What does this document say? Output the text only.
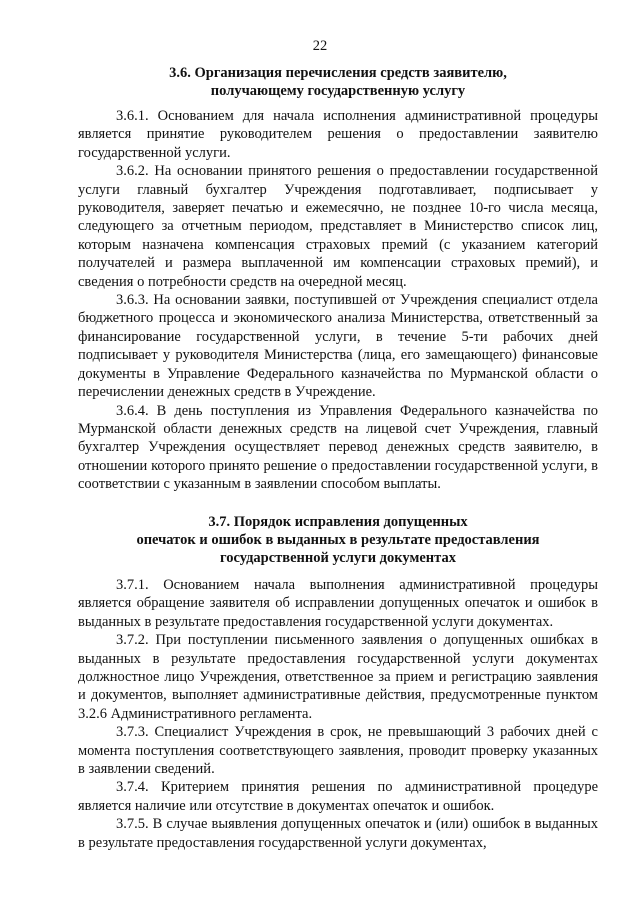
22
3.6. Организация перечисления средств заявителю,
получающему государственную услугу

3.6.1. Основанием для начала исполнения административной процедуры является принятие руководителем решения о предоставлении заявителю государственной услуги.

3.6.2. На основании принятого решения о предоставлении государственной услуги главный бухгалтер Учреждения подготавливает, подписывает у руководителя, заверяет печатью и ежемесячно, не позднее 10-го числа месяца, следующего за отчетным периодом, представляет в Министерство список лиц, которым назначена компенсация страховых премий (с указанием категорий получателей и размера выплаченной им компенсации страховых премий), и сведения о потребности средств на очередной месяц.

3.6.3. На основании заявки, поступившей от Учреждения специалист отдела бюджетного процесса и экономического анализа Министерства, ответственный за финансирование государственной услуги, в течение 5-ти рабочих дней подписывает у руководителя Министерства (лица, его замещающего) финансовые документы в Управление Федерального казначейства по Мурманской области о перечислении денежных средств в Учреждение.

3.6.4. В день поступления из Управления Федерального казначейства по Мурманской области денежных средств на лицевой счет Учреждения, главный бухгалтер Учреждения осуществляет перевод денежных средств заявителю, в отношении которого принято решение о предоставлении государственной услуги, в соответствии с указанным в заявлении способом выплаты.

3.7. Порядок исправления допущенных
опечаток и ошибок в выданных в результате предоставления
государственной услуги документах

3.7.1. Основанием начала выполнения административной процедуры является обращение заявителя об исправлении допущенных опечаток и ошибок в выданных в результате предоставления государственной услуги документах.

3.7.2. При поступлении письменного заявления о допущенных ошибках в выданных в результате предоставления государственной услуги документах должностное лицо Учреждения, ответственное за прием и регистрацию заявления и документов, выполняет административные действия, предусмотренные пунктом 3.2.6 Административного регламента.

3.7.3. Специалист Учреждения в срок, не превышающий 3 рабочих дней с момента поступления соответствующего заявления, проводит проверку указанных в заявлении сведений.

3.7.4. Критерием принятия решения по административной процедуре является наличие или отсутствие в документах опечаток и ошибок.

3.7.5. В случае выявления допущенных опечаток и (или) ошибок в выданных в результате предоставления государственной услуги документах,
